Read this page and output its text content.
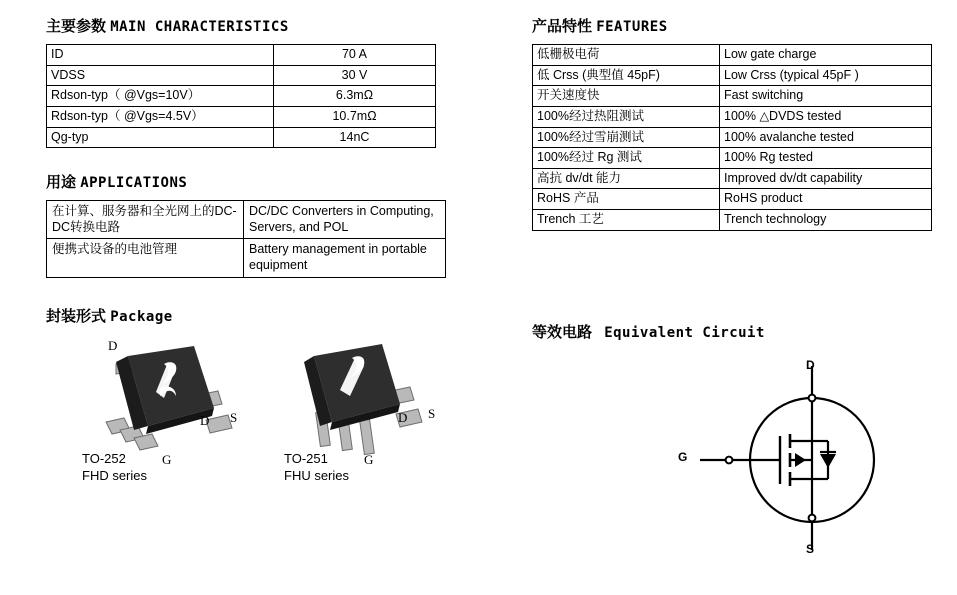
主要参数 MAIN CHARACTERISTICS
ID	70 A
VDSS	30 V
Rdson-typ（ @Vgs=10V）	6.3mΩ
Rdson-typ（ @Vgs=4.5V）	10.7mΩ
Qg-typ	14nC
用途 APPLICATIONS
在计算、服务器和全光网上的DC-DC转换电路	DC/DC Converters in Computing, Servers, and POL
便携式设备的电池管理	Battery management in portable equipment
封装形式 Package
D
D S
G
TO-252
FHD series
D S
G
TO-251
FHU series
产品特性 FEATURES
低栅极电荷	Low gate charge
低 Crss (典型值 45pF)	Low Crss (typical 45pF )
开关速度快	Fast switching
100%经过热阻测试	100% △DVDS tested
100%经过雪崩测试	100% avalanche tested
100%经过 Rg 测试	100% Rg tested
高抗 dv/dt 能力	Improved dv/dt capability
RoHS 产品	RoHS product
Trench 工艺	Trench technology
等效电路 Equivalent Circuit
D
G
S
